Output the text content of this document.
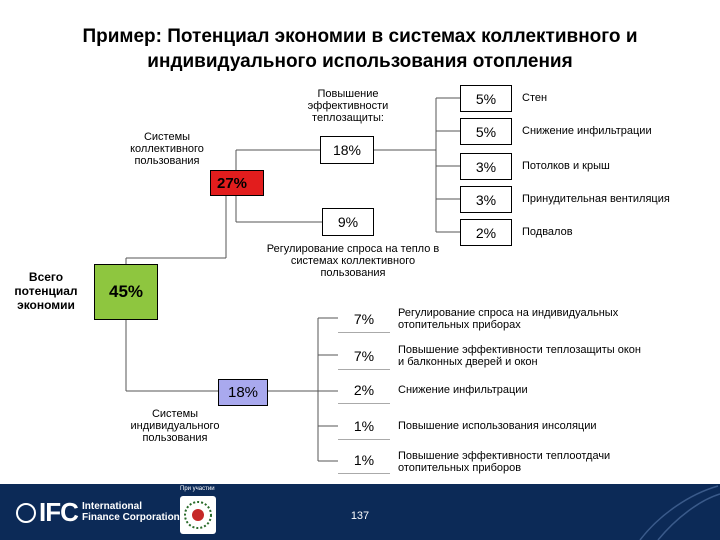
Пример: Потенциал экономии в системах коллективного и
индивидуального использования отопления
Всего
потенциал
экономии
45%
Системы
коллективного
пользования
27%
Повышение
эффективности
теплозащиты:
18%
9%
Регулирование спроса на тепло в
системах коллективного
пользования
5% Стен
5% Снижение инфильтрации
3% Потолков и крыш
3% Принудительная вентиляция
2% Подвалов
18%
Системы
индивидуального
пользования
7% Регулирование спроса на индивидуальных
отопительных приборах
7% Повышение эффективности теплозащиты окон
и балконных дверей и окон
2% Снижение инфильтрации
1% Повышение использования инсоляции
1% Повышение эффективности теплоотдачи
отопительных приборов
IFC International
Finance Corporation
При участии
137
